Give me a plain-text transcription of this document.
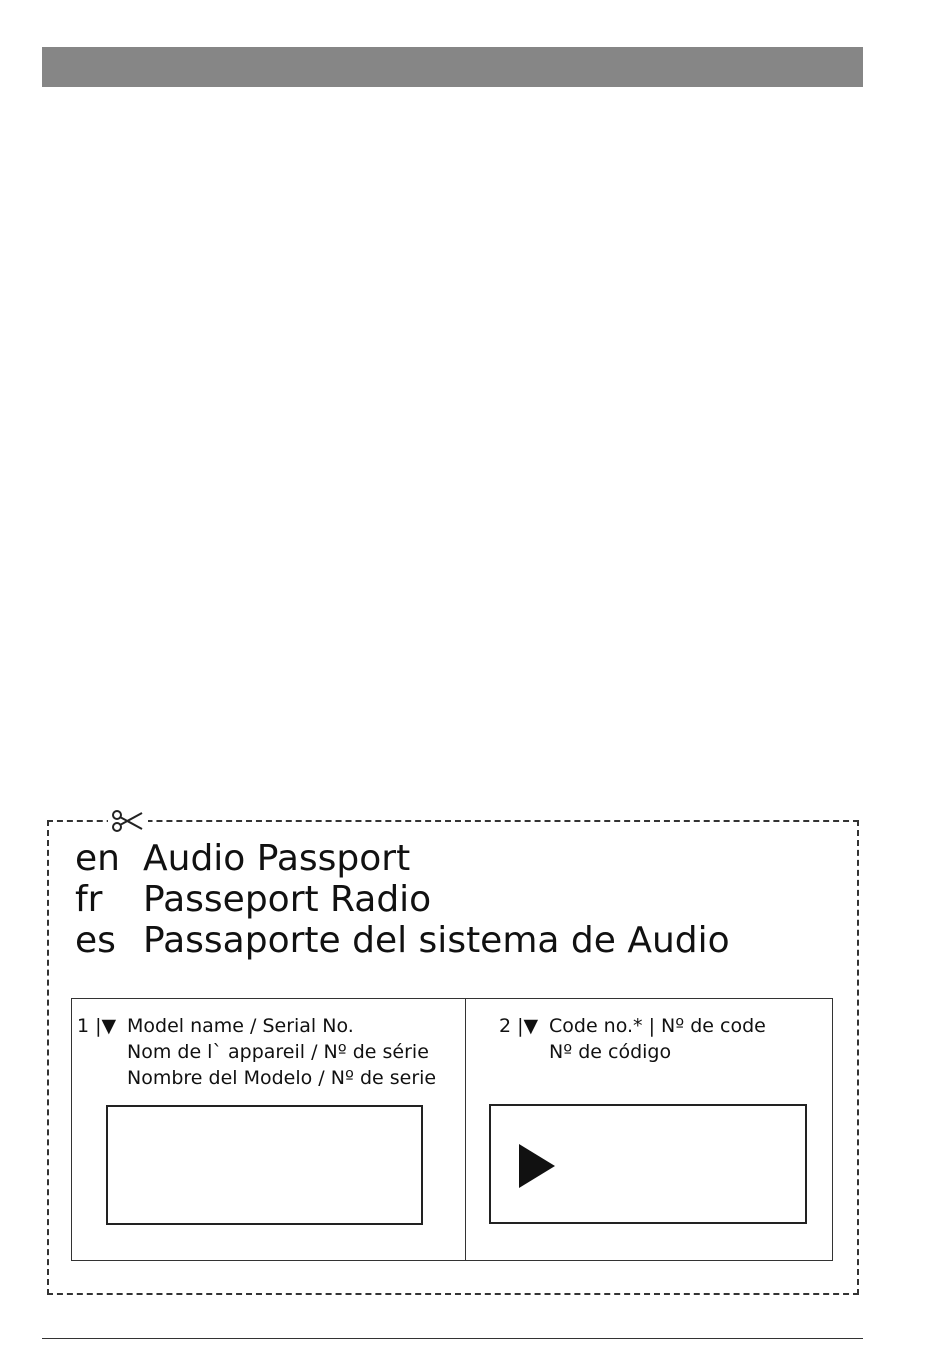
en Audio Passport
fr	Passeport Radio
es Passaporte del sistema de Audio
1 |▼ Model name / Serial No.
Nom de l` appareil / Nº de série
Nombre del Modelo / Nº de serie
2 |▼ Code no.* | Nº de code
Nº de código
